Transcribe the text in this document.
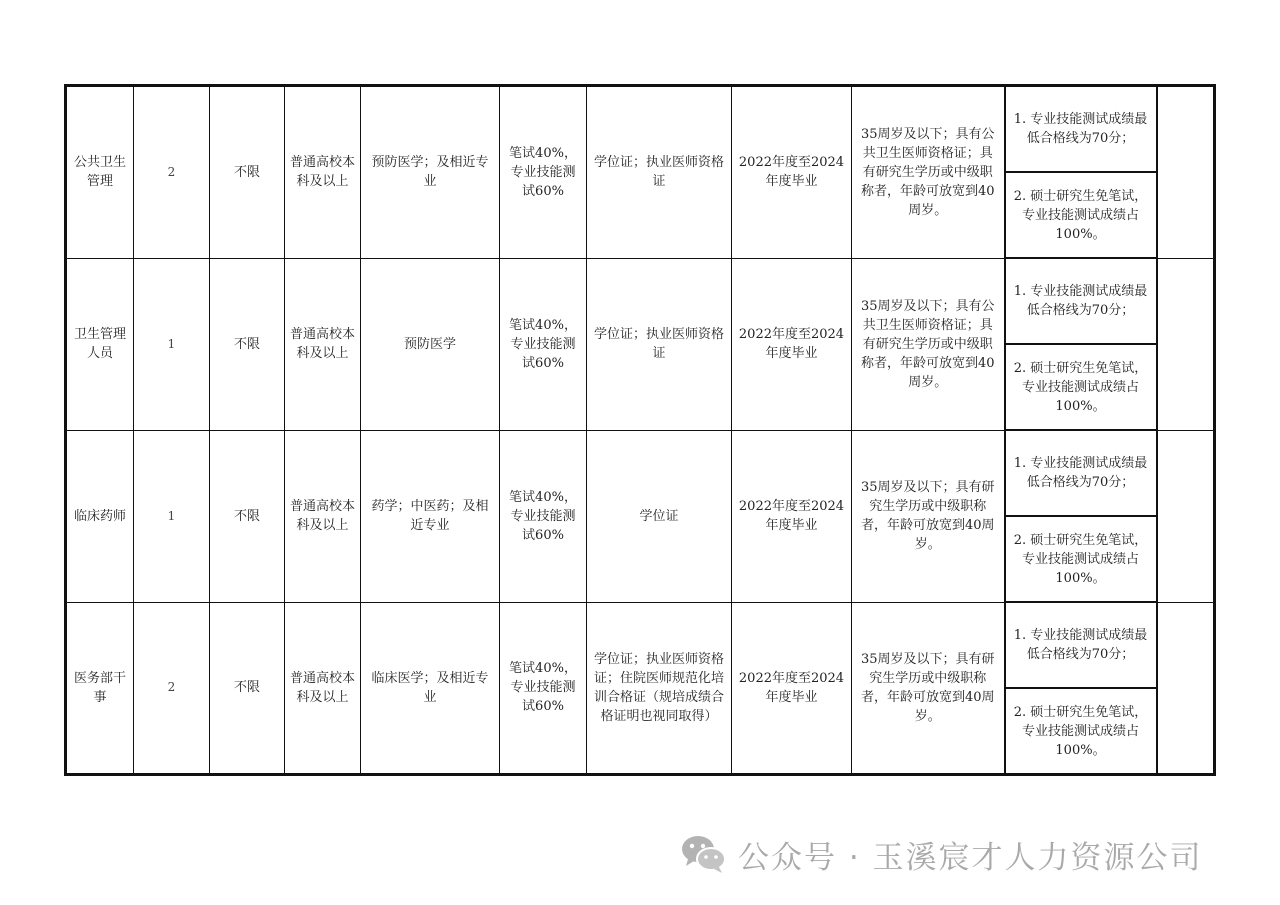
公共卫生管理	2	不限	普通高校本科及以上	预防医学；及相近专业	笔试40%，专业技能测试60%	学位证；执业医师资格证	2022年度至2024年度毕业	35周岁及以下；具有公共卫生医师资格证；具有研究生学历或中级职称者，年龄可放宽到40周岁。	1. 专业技能测试成绩最低合格线为70分；	
									2. 硕士研究生免笔试，专业技能测试成绩占100%。	
卫生管理人员	1	不限	普通高校本科及以上	预防医学	笔试40%，专业技能测试60%	学位证；执业医师资格证	2022年度至2024年度毕业	35周岁及以下；具有公共卫生医师资格证；具有研究生学历或中级职称者，年龄可放宽到40周岁。	1. 专业技能测试成绩最低合格线为70分；	
									2. 硕士研究生免笔试，专业技能测试成绩占100%。	
临床药师	1	不限	普通高校本科及以上	药学；中医药；及相近专业	笔试40%，专业技能测试60%	学位证	2022年度至2024年度毕业	35周岁及以下；具有研究生学历或中级职称者，年龄可放宽到40周岁。	1. 专业技能测试成绩最低合格线为70分；	
									2. 硕士研究生免笔试，专业技能测试成绩占100%。	
医务部干事	2	不限	普通高校本科及以上	临床医学；及相近专业	笔试40%，专业技能测试60%	学位证；执业医师资格证；住院医师规范化培训合格证（规培成绩合格证明也视同取得）	2022年度至2024年度毕业	35周岁及以下；具有研究生学历或中级职称者，年龄可放宽到40周岁。	1. 专业技能测试成绩最低合格线为70分；	
									2. 硕士研究生免笔试，专业技能测试成绩占100%。	
公众号 · 玉溪宸才人力资源公司
